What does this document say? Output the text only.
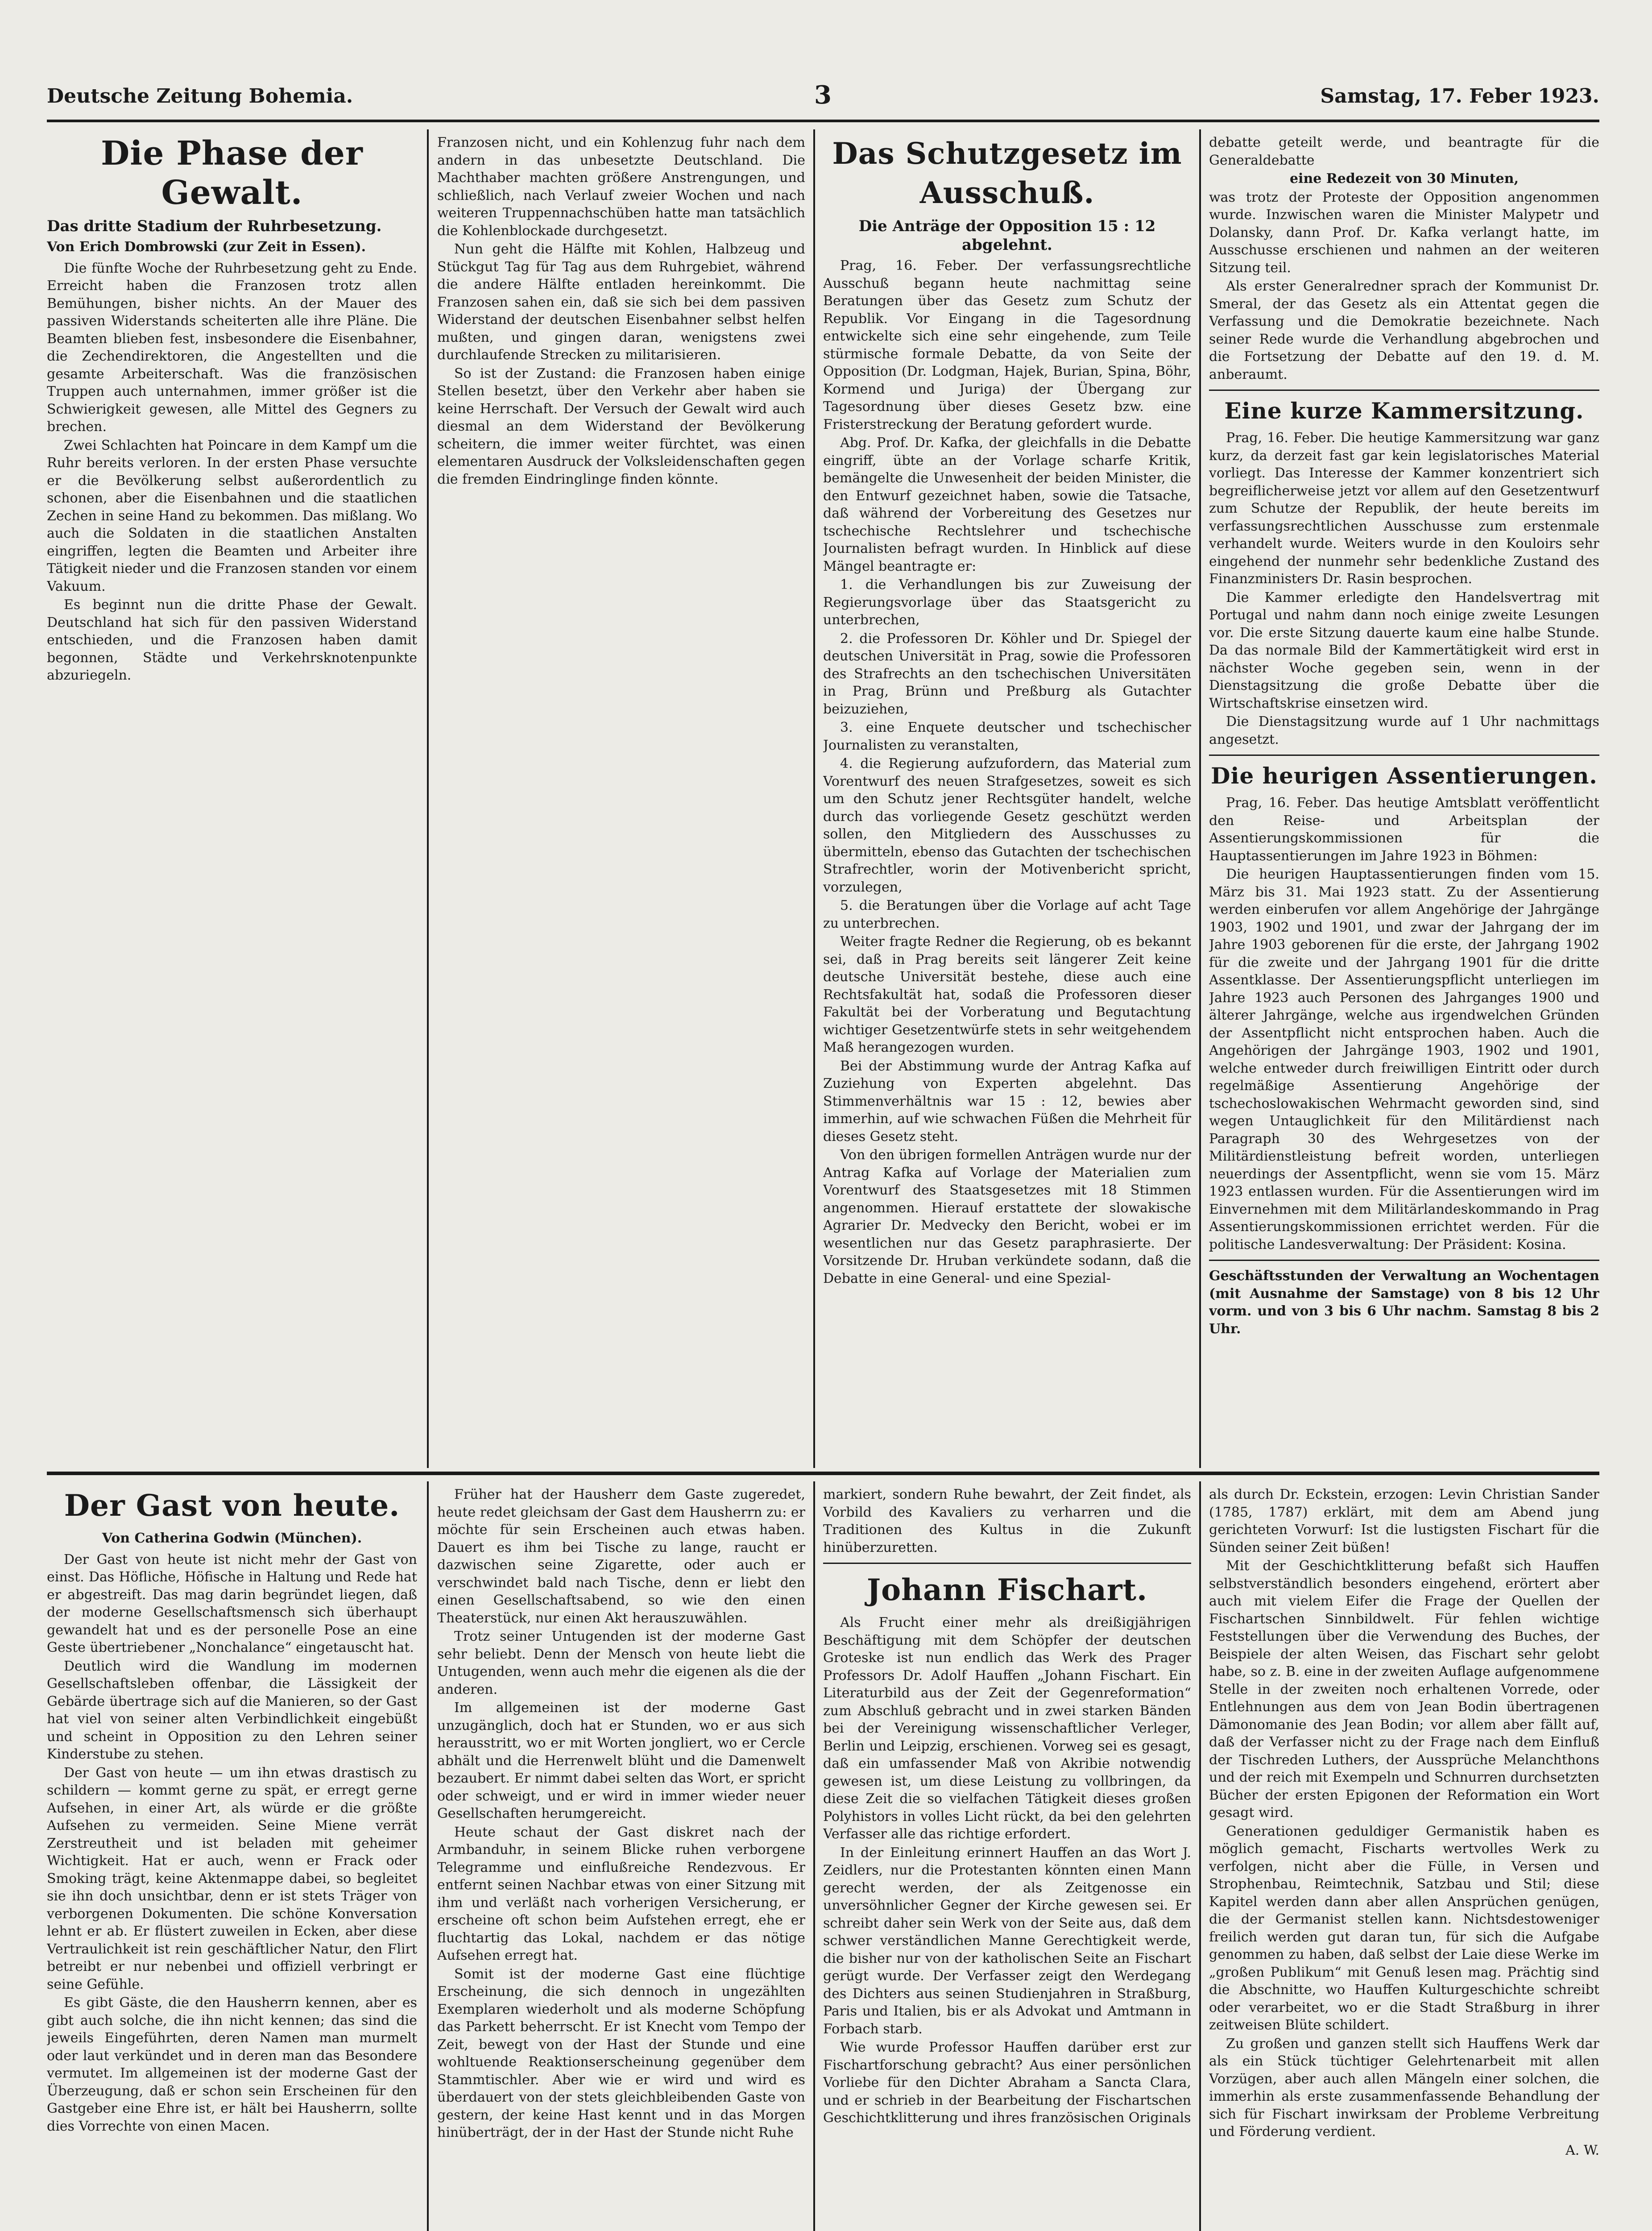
Deutsche Zeitung Bohemia.	3	Samstag, 17. Feber 1923.
Die Phase der Gewalt.
Das dritte Stadium der Ruhrbesetzung.
Von Erich Dombrowski (zur Zeit in Essen).

Die fünfte Woche der Ruhrbesetzung geht zu Ende. Erreicht haben die Franzosen trotz allen Bemühungen, bisher nichts. An der Mauer des passiven Widerstands scheiterten alle ihre Pläne. Die Beamten blieben fest, insbesondere die Eisenbahner, die Zechendirektoren, die Angestellten und die gesamte Arbeiterschaft. Was die französischen Truppen auch unternahmen, immer größer ist die Schwierigkeit gewesen, alle Mittel des Gegners zu brechen.

Zwei Schlachten hat Poincare in dem Kampf um die Ruhr bereits verloren. In der ersten Phase versuchte er die Bevölkerung selbst außerordentlich zu schonen, aber die Eisenbahnen und die staatlichen Zechen in seine Hand zu bekommen. Das mißlang. Wo auch die Soldaten in die staatlichen Anstalten eingriffen, legten die Beamten und Arbeiter ihre Tätigkeit nieder und die Franzosen standen vor einem Vakuum.

Es beginnt nun die dritte Phase der Gewalt. Deutschland hat sich für den passiven Widerstand entschieden, und die Franzosen haben damit begonnen, Städte und Verkehrsknotenpunkte abzuriegeln.

Franzosen nicht, und ein Kohlenzug fuhr nach dem andern in das unbesetzte Deutschland. Die Machthaber machten größere Anstrengungen, und schließlich, nach Verlauf zweier Wochen und nach weiteren Truppennachschüben hatte man tatsächlich die Kohlenblockade durchgesetzt.

Nun geht die Hälfte mit Kohlen, Halbzeug und Stückgut Tag für Tag aus dem Ruhrgebiet, während die andere Hälfte entladen hereinkommt. Die Franzosen sahen ein, daß sie sich bei dem passiven Widerstand der deutschen Eisenbahner selbst helfen mußten, und gingen daran, wenigstens zwei durchlaufende Strecken zu militarisieren.

So ist der Zustand: die Franzosen haben einige Stellen besetzt, über den Verkehr aber haben sie keine Herrschaft. Der Versuch der Gewalt wird auch diesmal an dem Widerstand der Bevölkerung scheitern, die immer weiter fürchtet, was einen elementaren Ausdruck der Volksleidenschaften gegen die fremden Eindringlinge finden könnte.

Das Schutzgesetz im Ausschuß.
Die Anträge der Opposition 15 : 12 abgelehnt.

Prag, 16. Feber. Der verfassungsrechtliche Ausschuß begann heute nachmittag seine Beratungen über das Gesetz zum Schutz der Republik. Vor Eingang in die Tagesordnung entwickelte sich eine sehr eingehende, zum Teile stürmische formale Debatte, da von Seite der Opposition (Dr. Lodgman, Hajek, Burian, Spina, Böhr, Kormend und Juriga) der Übergang zur Tagesordnung über dieses Gesetz bzw. eine Fristerstreckung der Beratung gefordert wurde.

Abg. Prof. Dr. Kafka, der gleichfalls in die Debatte eingriff, übte an der Vorlage scharfe Kritik, bemängelte die Unwesenheit der beiden Minister, die den Entwurf gezeichnet haben, sowie die Tatsache, daß während der Vorbereitung des Gesetzes nur tschechische Rechtslehrer und tschechische Journalisten befragt wurden. In Hinblick auf diese Mängel beantragte er:

1. die Verhandlungen bis zur Zuweisung der Regierungsvorlage über das Staatsgericht zu unterbrechen,

2. die Professoren Dr. Köhler und Dr. Spiegel der deutschen Universität in Prag, sowie die Professoren des Strafrechts an den tschechischen Universitäten in Prag, Brünn und Preßburg als Gutachter beizuziehen,

3. eine Enquete deutscher und tschechischer Journalisten zu veranstalten,

4. die Regierung aufzufordern, das Material zum Vorentwurf des neuen Strafgesetzes, soweit es sich um den Schutz jener Rechtsgüter handelt, welche durch das vorliegende Gesetz geschützt werden sollen, den Mitgliedern des Ausschusses zu übermitteln, ebenso das Gutachten der tschechischen Strafrechtler, worin der Motivenbericht spricht, vorzulegen,

5. die Beratungen über die Vorlage auf acht Tage zu unterbrechen.

Weiter fragte Redner die Regierung, ob es bekannt sei, daß in Prag bereits seit längerer Zeit keine deutsche Universität bestehe, diese auch eine Rechtsfakultät hat, sodaß die Professoren dieser Fakultät bei der Vorberatung und Begutachtung wichtiger Gesetzentwürfe stets in sehr weitgehendem Maß herangezogen wurden.

Bei der Abstimmung wurde der Antrag Kafka auf Zuziehung von Experten abgelehnt. Das Stimmenverhältnis war 15 : 12, bewies aber immerhin, auf wie schwachen Füßen die Mehrheit für dieses Gesetz steht.

Von den übrigen formellen Anträgen wurde nur der Antrag Kafka auf Vorlage der Materialien zum Vorentwurf des Staatsgesetzes mit 18 Stimmen angenommen. Hierauf erstattete der slowakische Agrarier Dr. Medvecky den Bericht, wobei er im wesentlichen nur das Gesetz paraphrasierte. Der Vorsitzende Dr. Hruban verkündete sodann, daß die Debatte in eine General- und eine Spezial-

debatte geteilt werde, und beantragte für die Generaldebatte

eine Redezeit von 30 Minuten,

was trotz der Proteste der Opposition angenommen wurde. Inzwischen waren die Minister Malypetr und Dolansky, dann Prof. Dr. Kafka verlangt hatte, im Ausschusse erschienen und nahmen an der weiteren Sitzung teil.

Als erster Generalredner sprach der Kommunist Dr. Smeral, der das Gesetz als ein Attentat gegen die Verfassung und die Demokratie bezeichnete. Nach seiner Rede wurde die Verhandlung abgebrochen und die Fortsetzung der Debatte auf den 19. d. M. anberaumt.

Eine kurze Kammersitzung.

Prag, 16. Feber. Die heutige Kammersitzung war ganz kurz, da derzeit fast gar kein legislatorisches Material vorliegt. Das Interesse der Kammer konzentriert sich begreiflicherweise jetzt vor allem auf den Gesetzentwurf zum Schutze der Republik, der heute bereits im verfassungsrechtlichen Ausschusse zum erstenmale verhandelt wurde. Weiters wurde in den Kouloirs sehr eingehend der nunmehr sehr bedenkliche Zustand des Finanzministers Dr. Rasin besprochen.

Die Kammer erledigte den Handelsvertrag mit Portugal und nahm dann noch einige zweite Lesungen vor. Die erste Sitzung dauerte kaum eine halbe Stunde. Da das normale Bild der Kammertätigkeit wird erst in nächster Woche gegeben sein, wenn in der Dienstagsitzung die große Debatte über die Wirtschaftskrise einsetzen wird.

Die Dienstagsitzung wurde auf 1 Uhr nachmittags angesetzt.

Die heurigen Assentierungen.

Prag, 16. Feber. Das heutige Amtsblatt veröffentlicht den Reise- und Arbeitsplan der Assentierungskommissionen für die Hauptassentierungen im Jahre 1923 in Böhmen:

Die heurigen Hauptassentierungen finden vom 15. März bis 31. Mai 1923 statt. Zu der Assentierung werden einberufen vor allem Angehörige der Jahrgänge 1903, 1902 und 1901, und zwar der Jahrgang der im Jahre 1903 geborenen für die erste, der Jahrgang 1902 für die zweite und der Jahrgang 1901 für die dritte Assentklasse. Der Assentierungspflicht unterliegen im Jahre 1923 auch Personen des Jahrganges 1900 und älterer Jahrgänge, welche aus irgendwelchen Gründen der Assentpflicht nicht entsprochen haben. Auch die Angehörigen der Jahrgänge 1903, 1902 und 1901, welche entweder durch freiwilligen Eintritt oder durch regelmäßige Assentierung Angehörige der tschechoslowakischen Wehrmacht geworden sind, sind wegen Untauglichkeit für den Militärdienst nach Paragraph 30 des Wehrgesetzes von der Militärdienstleistung befreit worden, unterliegen neuerdings der Assentpflicht, wenn sie vom 15. März 1923 entlassen wurden. Für die Assentierungen wird im Einvernehmen mit dem Militärlandeskommando in Prag Assentierungskommissionen errichtet werden. Für die politische Landesverwaltung: Der Präsident: Kosina.

Geschäftsstunden der Verwaltung an Wochentagen (mit Ausnahme der Samstage) von 8 bis 12 Uhr vorm. und von 3 bis 6 Uhr nachm. Samstag 8 bis 2 Uhr.

Der Gast von heute.
Von Catherina Godwin (München).

Der Gast von heute ist nicht mehr der Gast von einst. Das Höfliche, Höfische in Haltung und Rede hat er abgestreift. Das mag darin begründet liegen, daß der moderne Gesellschaftsmensch sich überhaupt gewandelt hat und es der personelle Pose an eine Geste übertriebener „Nonchalance“ eingetauscht hat.

Deutlich wird die Wandlung im modernen Gesellschaftsleben offenbar, die Lässigkeit der Gebärde übertrage sich auf die Manieren, so der Gast hat viel von seiner alten Verbindlichkeit eingebüßt und scheint in Opposition zu den Lehren seiner Kinderstube zu stehen.

Der Gast von heute — um ihn etwas drastisch zu schildern — kommt gerne zu spät, er erregt gerne Aufsehen, in einer Art, als würde er die größte Aufsehen zu vermeiden. Seine Miene verrät Zerstreutheit und ist beladen mit geheimer Wichtigkeit. Hat er auch, wenn er Frack oder Smoking trägt, keine Aktenmappe dabei, so begleitet sie ihn doch unsichtbar, denn er ist stets Träger von verborgenen Dokumenten. Die schöne Konversation lehnt er ab. Er flüstert zuweilen in Ecken, aber diese Vertraulichkeit ist rein geschäftlicher Natur, den Flirt betreibt er nur nebenbei und offiziell verbringt er seine Gefühle.

Es gibt Gäste, die den Hausherrn kennen, aber es gibt auch solche, die ihn nicht kennen; das sind die jeweils Eingeführten, deren Namen man murmelt oder laut verkündet und in deren man das Besondere vermutet. Im allgemeinen ist der moderne Gast der Überzeugung, daß er schon sein Erscheinen für den Gastgeber eine Ehre ist, er hält bei Hausherrn, sollte dies Vorrechte von einen Macen.

Früher hat der Hausherr dem Gaste zugeredet, heute redet gleichsam der Gast dem Hausherrn zu: er möchte für sein Erscheinen auch etwas haben. Dauert es ihm bei Tische zu lange, raucht er dazwischen seine Zigarette, oder auch er verschwindet bald nach Tische, denn er liebt den einen Gesellschaftsabend, so wie den einen Theaterstück, nur einen Akt herauszuwählen.

Trotz seiner Untugenden ist der moderne Gast sehr beliebt. Denn der Mensch von heute liebt die Untugenden, wenn auch mehr die eigenen als die der anderen.

Im allgemeinen ist der moderne Gast unzugänglich, doch hat er Stunden, wo er aus sich herausstritt, wo er mit Worten jongliert, wo er Cercle abhält und die Herrenwelt blüht und die Damenwelt bezaubert. Er nimmt dabei selten das Wort, er spricht oder schweigt, und er wird in immer wieder neuer Gesellschaften herumgereicht.

Heute schaut der Gast diskret nach der Armbanduhr, in seinem Blicke ruhen verborgene Telegramme und einflußreiche Rendezvous. Er entfernt seinen Nachbar etwas von einer Sitzung mit ihm und verläßt nach vorherigen Versicherung, er erscheine oft schon beim Aufstehen erregt, ehe er fluchtartig das Lokal, nachdem er das nötige Aufsehen erregt hat.

Somit ist der moderne Gast eine flüchtige Erscheinung, die sich dennoch in ungezählten Exemplaren wiederholt und als moderne Schöpfung das Parkett beherrscht. Er ist Knecht vom Tempo der Zeit, bewegt von der Hast der Stunde und eine wohltuende Reaktionserscheinung gegenüber dem Stammtischler. Aber wie er wird und wird es überdauert von der stets gleichbleibenden Gaste von gestern, der keine Hast kennt und in das Morgen hinüberträgt, der in der Hast der Stunde nicht Ruhe

markiert, sondern Ruhe bewahrt, der Zeit findet, als Vorbild des Kavaliers zu verharren und die Traditionen des Kultus in die Zukunft hinüberzuretten.

Johann Fischart.

Als Frucht einer mehr als dreißigjährigen Beschäftigung mit dem Schöpfer der deutschen Groteske ist nun endlich das Werk des Prager Professors Dr. Adolf Hauffen „Johann Fischart. Ein Literaturbild aus der Zeit der Gegenreformation“ zum Abschluß gebracht und in zwei starken Bänden bei der Vereinigung wissenschaftlicher Verleger, Berlin und Leipzig, erschienen. Vorweg sei es gesagt, daß ein umfassender Maß von Akribie notwendig gewesen ist, um diese Leistung zu vollbringen, da diese Zeit die so vielfachen Tätigkeit dieses großen Polyhistors in volles Licht rückt, da bei den gelehrten Verfasser alle das richtige erfordert.

In der Einleitung erinnert Hauffen an das Wort J. Zeidlers, nur die Protestanten könnten einen Mann gerecht werden, der als Zeitgenosse ein unversöhnlicher Gegner der Kirche gewesen sei. Er schreibt daher sein Werk von der Seite aus, daß dem schwer verständlichen Manne Gerechtigkeit werde, die bisher nur von der katholischen Seite an Fischart gerügt wurde. Der Verfasser zeigt den Werdegang des Dichters aus seinen Studienjahren in Straßburg, Paris und Italien, bis er als Advokat und Amtmann in Forbach starb.

Wie wurde Professor Hauffen darüber erst zur Fischartforschung gebracht? Aus einer persönlichen Vorliebe für den Dichter Abraham a Sancta Clara, und er schrieb in der Bearbeitung der Fischartschen Geschichtklitterung und ihres französischen Originals

als durch Dr. Eckstein, erzogen: Levin Christian Sander (1785, 1787) erklärt, mit dem am Abend jung gerichteten Vorwurf: Ist die lustigsten Fischart für die Sünden seiner Zeit büßen!

Mit der Geschichtklitterung befaßt sich Hauffen selbstverständlich besonders eingehend, erörtert aber auch mit vielem Eifer die Frage der Quellen der Fischartschen Sinnbildwelt. Für fehlen wichtige Feststellungen über die Verwendung des Buches, der Beispiele der alten Weisen, das Fischart sehr gelobt habe, so z. B. eine in der zweiten Auflage aufgenommene Stelle in der zweiten noch erhaltenen Vorrede, oder Entlehnungen aus dem von Jean Bodin übertragenen Dämonomanie des Jean Bodin; vor allem aber fällt auf, daß der Verfasser nicht zu der Frage nach dem Einfluß der Tischreden Luthers, der Aussprüche Melanchthons und der reich mit Exempeln und Schnurren durchsetzten Bücher der ersten Epigonen der Reformation ein Wort gesagt wird.

Generationen geduldiger Germanistik haben es möglich gemacht, Fischarts wertvolles Werk zu verfolgen, nicht aber die Fülle, in Versen und Strophenbau, Reimtechnik, Satzbau und Stil; diese Kapitel werden dann aber allen Ansprüchen genügen, die der Germanist stellen kann. Nichtsdestoweniger freilich werden gut daran tun, für sich die Aufgabe genommen zu haben, daß selbst der Laie diese Werke im „großen Publikum“ mit Genuß lesen mag. Prächtig sind die Abschnitte, wo Hauffen Kulturgeschichte schreibt oder verarbeitet, wo er die Stadt Straßburg in ihrer zeitweisen Blüte schildert.

Zu großen und ganzen stellt sich Hauffens Werk dar als ein Stück tüchtiger Gelehrtenarbeit mit allen Vorzügen, aber auch allen Mängeln einer solchen, die immerhin als erste zusammenfassende Behandlung der sich für Fischart inwirksam der Probleme Verbreitung und Förderung verdient.

A. W.
